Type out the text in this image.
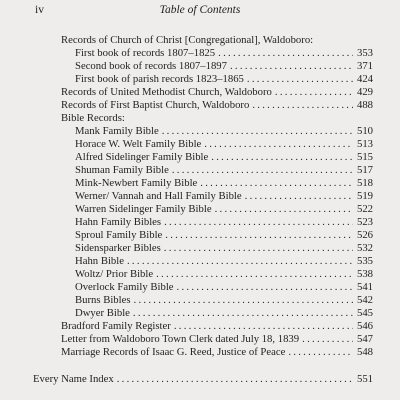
iv	Table of Contents
Records of Church of Christ [Congregational], Waldoboro:
First book of records 1807–1825 . . .	353
Second book of records 1807–1897 . . .	371
First book of parish records 1823–1865 . . .	424
Records of United Methodist Church, Waldoboro . . .	429
Records of First Baptist Church, Waldoboro . . .	488
Bible Records:
Mank Family Bible . . .	510
Horace W. Welt Family Bible . . .	513
Alfred Sidelinger Family Bible . . .	515
Shuman Family Bible . . .	517
Mink-Newbert Family Bible . . .	518
Werner/ Vannah and Hall Family Bible . . .	519
Warren Sidelinger Family Bible . . .	522
Hahn Family Bibles . . .	523
Sproul Family Bible . . .	526
Sidensparker Bibles . . .	532
Hahn Bible . . .	535
Woltz/ Prior Bible . . .	538
Overlock Family Bible . . .	541
Burns Bibles . . .	542
Dwyer Bible . . .	545
Bradford Family Register . . .	546
Letter from Waldoboro Town Clerk dated July 18, 1839 . . .	547
Marriage Records of Isaac G. Reed, Justice of Peace . . .	548
Every Name Index . . .	551
